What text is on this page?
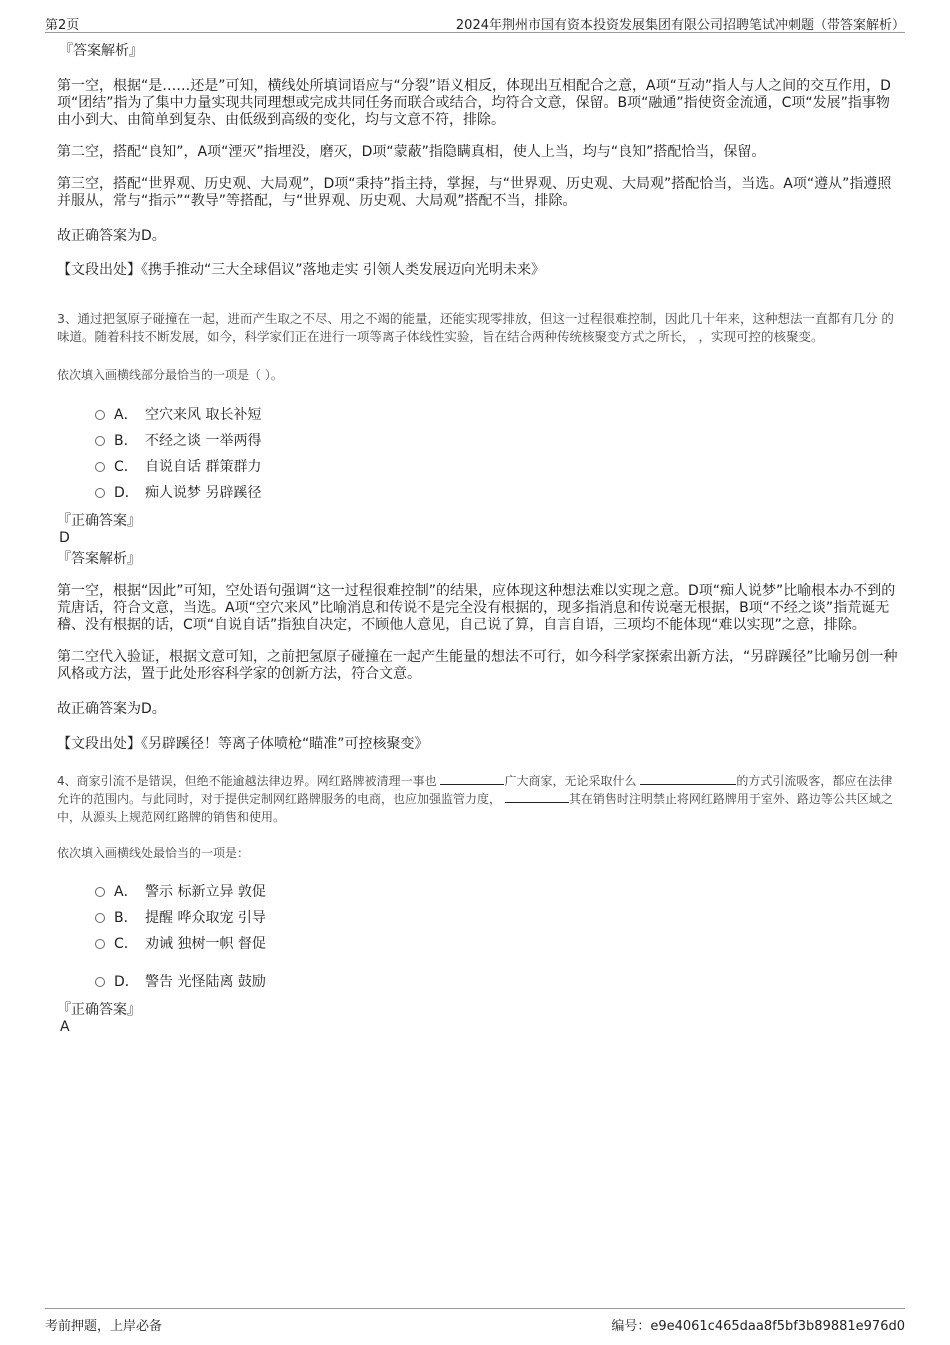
第2页	2024年荆州市国有资本投资发展集团有限公司招聘笔试冲刺题（带答案解析）

『答案解析』

第一空，根据“是……还是”可知，横线处所填词语应与“分裂”语义相反，体现出互相配合之意，A项“互动”指人与人之间的交互作用，D项“团结”指为了集中力量实现共同理想或完成共同任务而联合或结合，均符合文意，保留。B项“融通”指使资金流通，C项“发展”指事物由小到大、由简单到复杂、由低级到高级的变化，均与文意不符，排除。

第二空，搭配“良知”，A项“湮灭”指埋没，磨灭，D项“蒙蔽”指隐瞒真相，使人上当，均与“良知”搭配恰当，保留。

第三空，搭配“世界观、历史观、大局观”，D项“秉持”指主持，掌握，与“世界观、历史观、大局观”搭配恰当，当选。A项“遵从”指遵照并服从，常与“指示”“教导”等搭配，与“世界观、历史观、大局观”搭配不当，排除。

故正确答案为D。

【文段出处】《携手推动“三大全球倡议”落地走实 引领人类发展迈向光明未来》

3、通过把氢原子碰撞在一起，进而产生取之不尽、用之不竭的能量，还能实现零排放，但这一过程很难控制，因此几十年来，这种想法一直都有几分 的味道。随着科技不断发展，如今，科学家们正在进行一项等离子体线性实验，旨在结合两种传统核聚变方式之所长， ，实现可控的核聚变。

依次填入画横线部分最恰当的一项是（ ）。

A． 空穴来风 取长补短
B． 不经之谈 一举两得
C． 自说自话 群策群力
D． 痴人说梦 另辟蹊径

『正确答案』

D

『答案解析』

第一空，根据“因此”可知，空处语句强调“这一过程很难控制”的结果，应体现这种想法难以实现之意。D项“痴人说梦”比喻根本办不到的荒唐话，符合文意，当选。A项“空穴来风”比喻消息和传说不是完全没有根据的，现多指消息和传说毫无根据，B项“不经之谈”指荒诞无稽、没有根据的话，C项“自说自话”指独自决定，不顾他人意见，自己说了算，自言自语，三项均不能体现“难以实现”之意，排除。

第二空代入验证，根据文意可知，之前把氢原子碰撞在一起产生能量的想法不可行，如今科学家探索出新方法，“另辟蹊径”比喻另创一种风格或方法，置于此处形容科学家的创新方法，符合文意。

故正确答案为D。

【文段出处】《另辟蹊径！等离子体喷枪“瞄准”可控核聚变》

4、商家引流不是错误，但绝不能逾越法律边界。网红路牌被清理一事也	广大商家，无论采取什么	的方式引流吸客，都应在法律允许的范围内。与此同时，对于提供定制网红路牌服务的电商，也应加强监管力度，	其在销售时注明禁止将网红路牌用于室外、路边等公共区域之中，从源头上规范网红路牌的销售和使用。

依次填入画横线处最恰当的一项是：

A． 警示 标新立异 敦促
B． 提醒 哗众取宠 引导
C． 劝诫 独树一帜 督促
D． 警告 光怪陆离 鼓励

『正确答案』

A

考前押题，上岸必备	编号：e9e4061c465daa8f5bf3b89881e976d0
